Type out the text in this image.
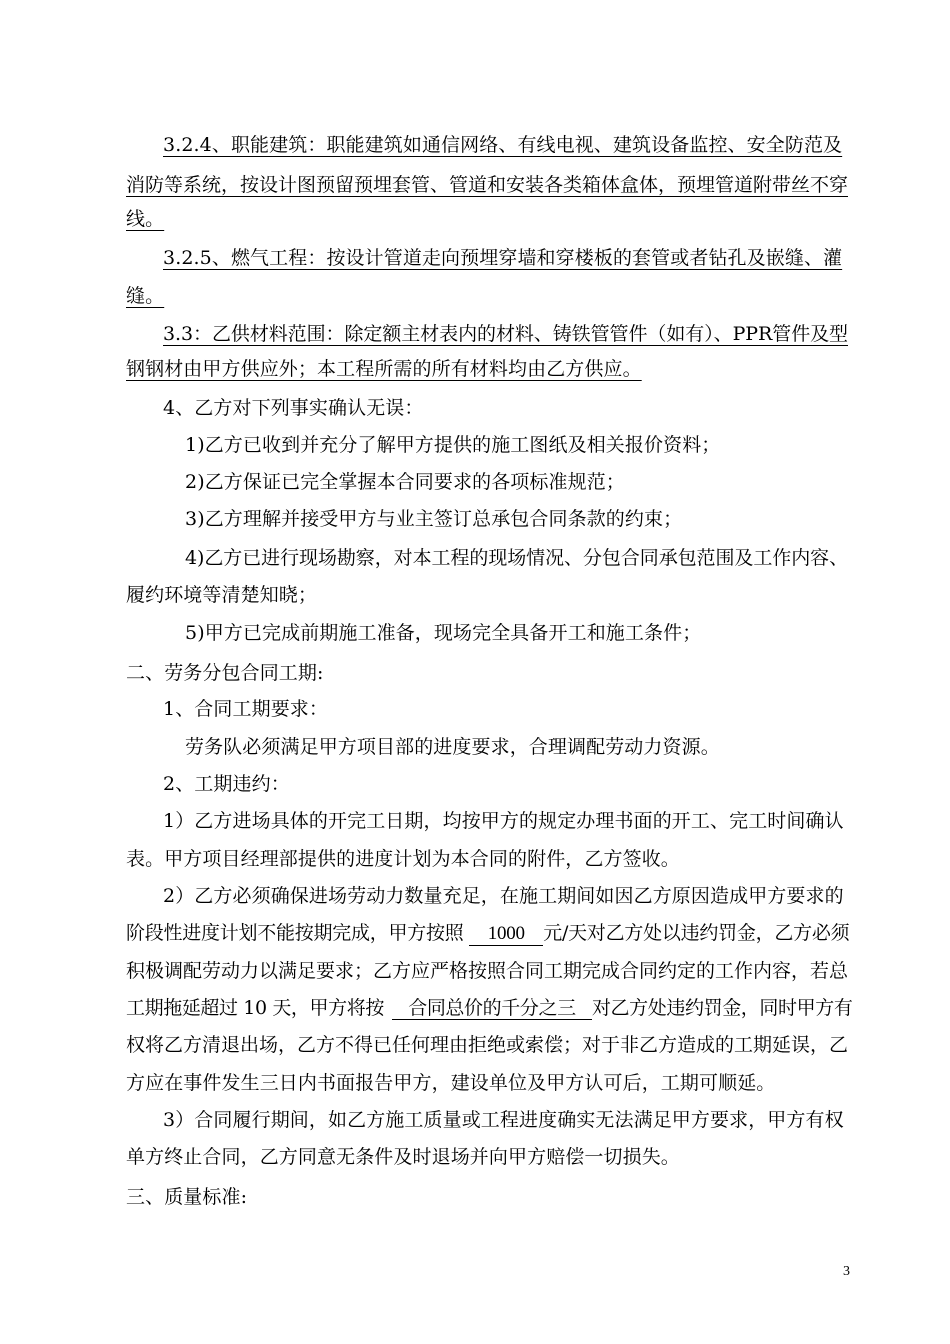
3.2.4、职能建筑：职能建筑如通信网络、有线电视、建筑设备监控、安全防范及
消防等系统，按设计图预留预埋套管、管道和安装各类箱体盒体，预埋管道附带丝不穿
线。
3.2.5、燃气工程：按设计管道走向预埋穿墙和穿楼板的套管或者钻孔及嵌缝、灌
缝。
3.3：乙供材料范围：除定额主材表内的材料、铸铁管管件（如有）、PPR管件及型
钢钢材由甲方供应外；本工程所需的所有材料均由乙方供应。
4、乙方对下列事实确认无误：
1)乙方已收到并充分了解甲方提供的施工图纸及相关报价资料；
2)乙方保证已完全掌握本合同要求的各项标准规范；
3)乙方理解并接受甲方与业主签订总承包合同条款的约束；
4)乙方已进行现场勘察，对本工程的现场情况、分包合同承包范围及工作内容、
履约环境等清楚知晓；
5)甲方已完成前期施工准备，现场完全具备开工和施工条件；
二、劳务分包合同工期:
1、合同工期要求：
劳务队必须满足甲方项目部的进度要求，合理调配劳动力资源。
2、工期违约：
1）乙方进场具体的开完工日期，均按甲方的规定办理书面的开工、完工时间确认
表。甲方项目经理部提供的进度计划为本合同的附件，乙方签收。
2）乙方必须确保进场劳动力数量充足，在施工期间如因乙方原因造成甲方要求的
阶段性进度计划不能按期完成，甲方按照 1000 元/天对乙方处以违约罚金，乙方必须
积极调配劳动力以满足要求；乙方应严格按照合同工期完成合同约定的工作内容，若总
工期拖延超过 10 天，甲方将按 合同总价的千分之三 对乙方处违约罚金，同时甲方有
权将乙方清退出场，乙方不得已任何理由拒绝或索偿；对于非乙方造成的工期延误，乙
方应在事件发生三日内书面报告甲方，建设单位及甲方认可后，工期可顺延。
3）合同履行期间，如乙方施工质量或工程进度确实无法满足甲方要求，甲方有权
单方终止合同，乙方同意无条件及时退场并向甲方赔偿一切损失。
三、质量标准:
3
